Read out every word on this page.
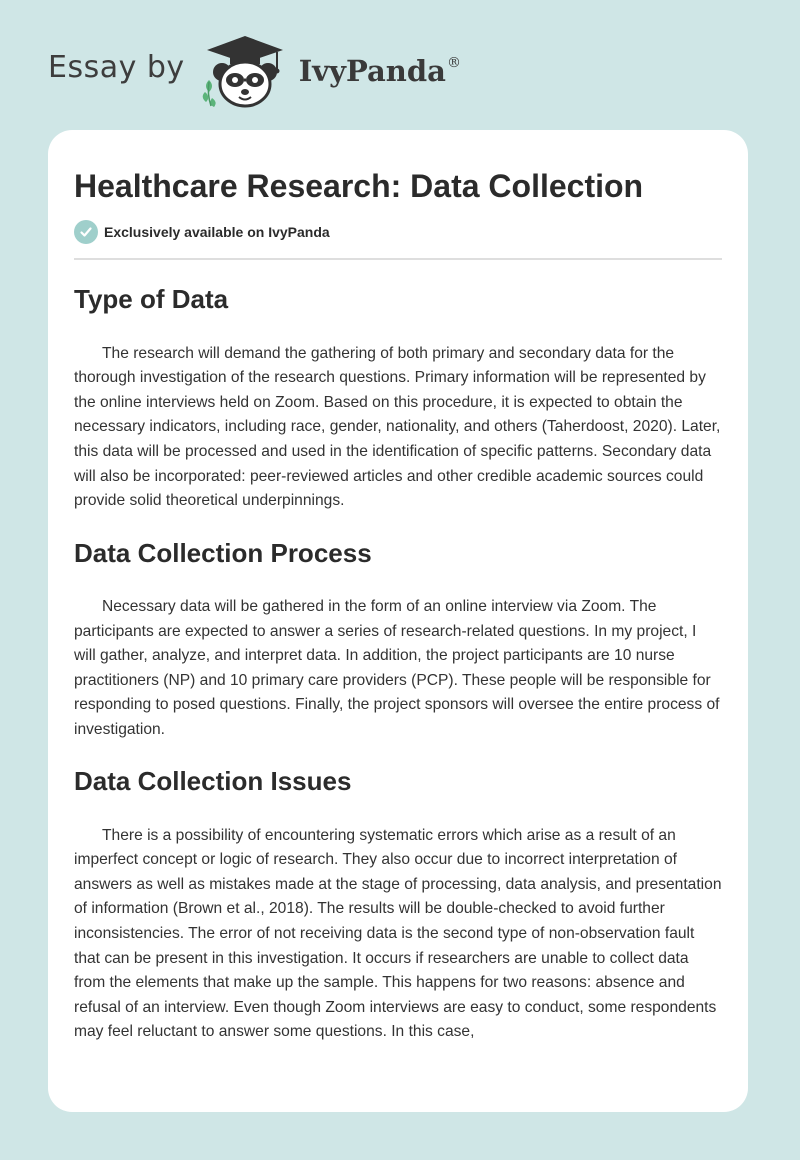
Essay by	IvyPanda®
Healthcare Research: Data Collection
Exclusively available on IvyPanda
Type of Data

The research will demand the gathering of both primary and secondary data for the thorough investigation of the research questions. Primary information will be represented by the online interviews held on Zoom. Based on this procedure, it is expected to obtain the necessary indicators, including race, gender, nationality, and others (Taherdoost, 2020). Later, this data will be processed and used in the identification of specific patterns. Secondary data will also be incorporated: peer-reviewed articles and other credible academic sources could provide solid theoretical underpinnings.

Data Collection Process

Necessary data will be gathered in the form of an online interview via Zoom. The participants are expected to answer a series of research-related questions. In my project, I will gather, analyze, and interpret data. In addition, the project participants are 10 nurse practitioners (NP) and 10 primary care providers (PCP). These people will be responsible for responding to posed questions. Finally, the project sponsors will oversee the entire process of investigation.

Data Collection Issues

There is a possibility of encountering systematic errors which arise as a result of an imperfect concept or logic of research. They also occur due to incorrect interpretation of answers as well as mistakes made at the stage of processing, data analysis, and presentation of information (Brown et al., 2018). The results will be double-checked to avoid further inconsistencies. The error of not receiving data is the second type of non-observation fault that can be present in this investigation. It occurs if researchers are unable to collect data from the elements that make up the sample. This happens for two reasons: absence and refusal of an interview. Even though Zoom interviews are easy to conduct, some respondents may feel reluctant to answer some questions. In this case,
